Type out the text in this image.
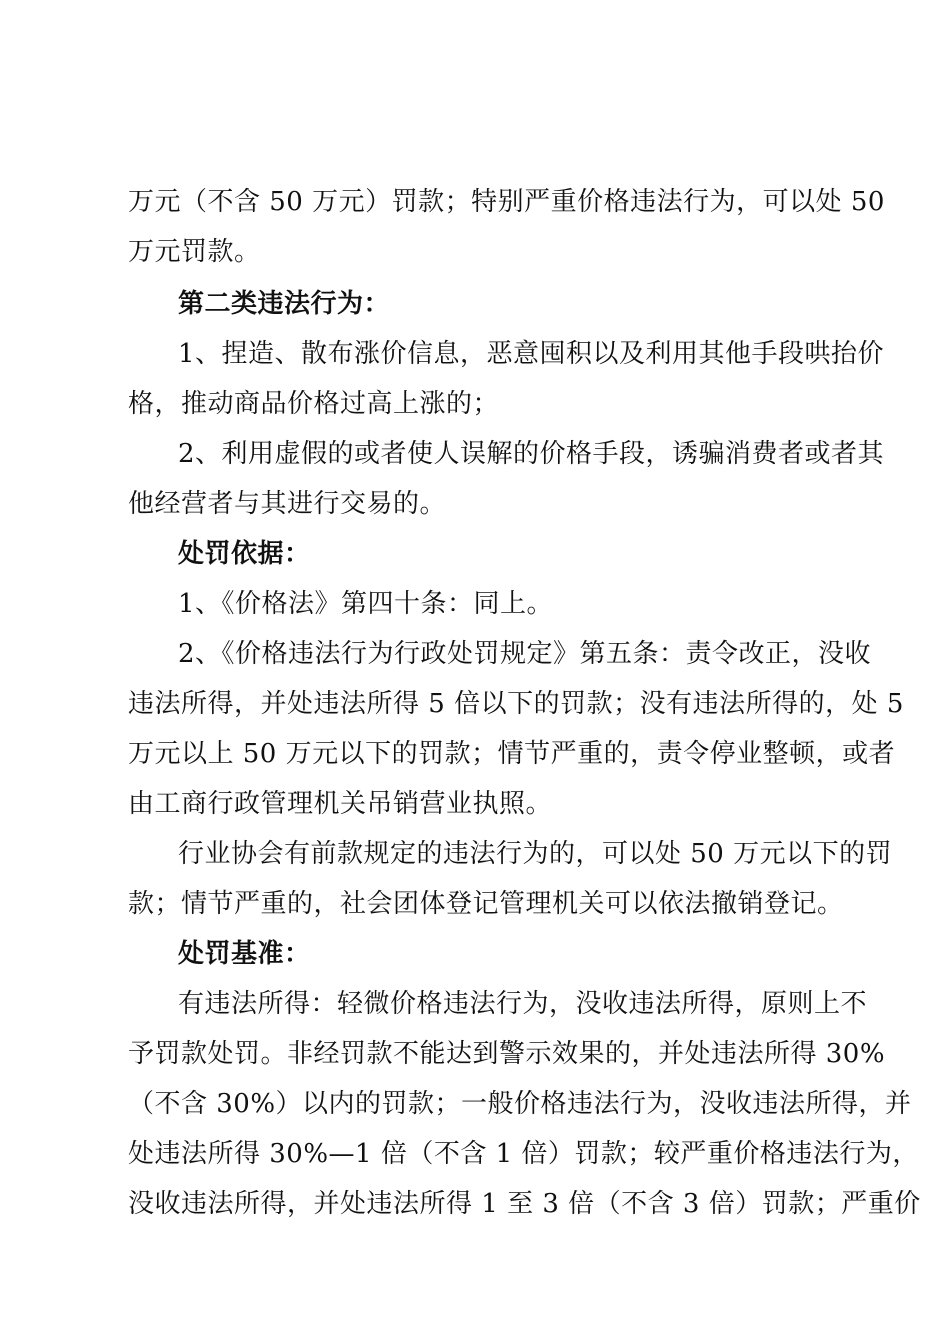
万元（不含 50 万元）罚款；特别严重价格违法行为，可以处 50
万元罚款。
第二类违法行为：
1、捏造、散布涨价信息，恶意囤积以及利用其他手段哄抬价
格，推动商品价格过高上涨的；
2、利用虚假的或者使人误解的价格手段，诱骗消费者或者其
他经营者与其进行交易的。
处罚依据：
1、《价格法》第四十条：同上。
2、《价格违法行为行政处罚规定》第五条：责令改正，没收
违法所得，并处违法所得 5 倍以下的罚款；没有违法所得的，处 5
万元以上 50 万元以下的罚款；情节严重的，责令停业整顿，或者
由工商行政管理机关吊销营业执照。
行业协会有前款规定的违法行为的，可以处 50 万元以下的罚
款；情节严重的，社会团体登记管理机关可以依法撤销登记。
处罚基准：
有违法所得：轻微价格违法行为，没收违法所得，原则上不
予罚款处罚。非经罚款不能达到警示效果的，并处违法所得 30%
（不含 30%）以内的罚款；一般价格违法行为，没收违法所得，并
处违法所得 30%—1 倍（不含 1 倍）罚款；较严重价格违法行为，
没收违法所得，并处违法所得 1 至 3 倍（不含 3 倍）罚款；严重价
